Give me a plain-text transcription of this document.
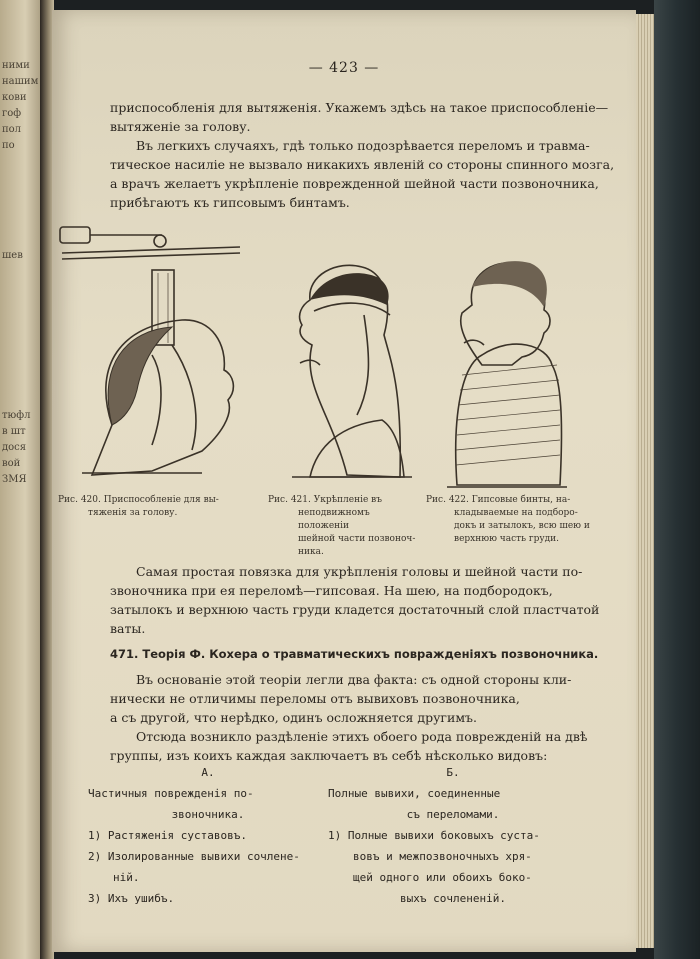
ними
нашим
кови
гоф
пол
по
шев
тюфл
в шт
дося
вой
ЗМЯ
— 423 —

приспособленія для вытяженія. Укажемъ здѣсь на такое приспособленіе—
вытяженіе за голову.

Въ легкихъ случаяхъ, гдѣ только подозрѣвается переломъ и травма-
тическое насиліе не вызвало никакихъ явленій со стороны спинного мозга,
а врачъ желаетъ укрѣпленіе поврежденной шейной части позвоночника,
прибѣгаютъ къ гипсовымъ бинтамъ.

Рис. 420. Приспособленіе для вы-
тяженія за голову.
Рис. 421. Укрѣпленіе въ
неподвижномъ положеніи
шейной части позвоноч-
ника.
Рис. 422. Гипсовые бинты, на-
кладываемые на подборо-
докъ и затылокъ, всю шею и
верхнюю часть груди.

Самая простая повязка для укрѣпленія головы и шейной части по-
звоночника при ея переломѣ—гипсовая. На шею, на подбородокъ,
затылокъ и верхнюю часть груди кладется достаточный слой пластчатой
ваты.

471. Теорія Ф. Кохера о травматическихъ повражденіяхъ позвоночника.

Въ основаніе этой теоріи легли два факта: съ одной стороны кли-
нически не отличимы переломы отъ вывиховъ позвоночника,
а съ другой, что нерѣдко, одинъ осложняется другимъ.
Отсюда возникло раздѣленіе этихъ обоего рода поврежденій на двѣ
группы, изъ коихъ каждая заключаетъ въ себѣ нѣсколько видовъ:

А.
Частичныя поврежденія по-
звоночника.
1) Растяженія суставовъ.
2) Изолированные вывихи сочлене-
ній.
3) Ихъ ушибъ.
Б.
Полные вывихи, соединенные
съ переломами.
1) Полные вывихи боковыхъ суста-
вовъ и межпозвоночныхъ хря-
щей одного или обоихъ боко-
выхъ сочлененій.
